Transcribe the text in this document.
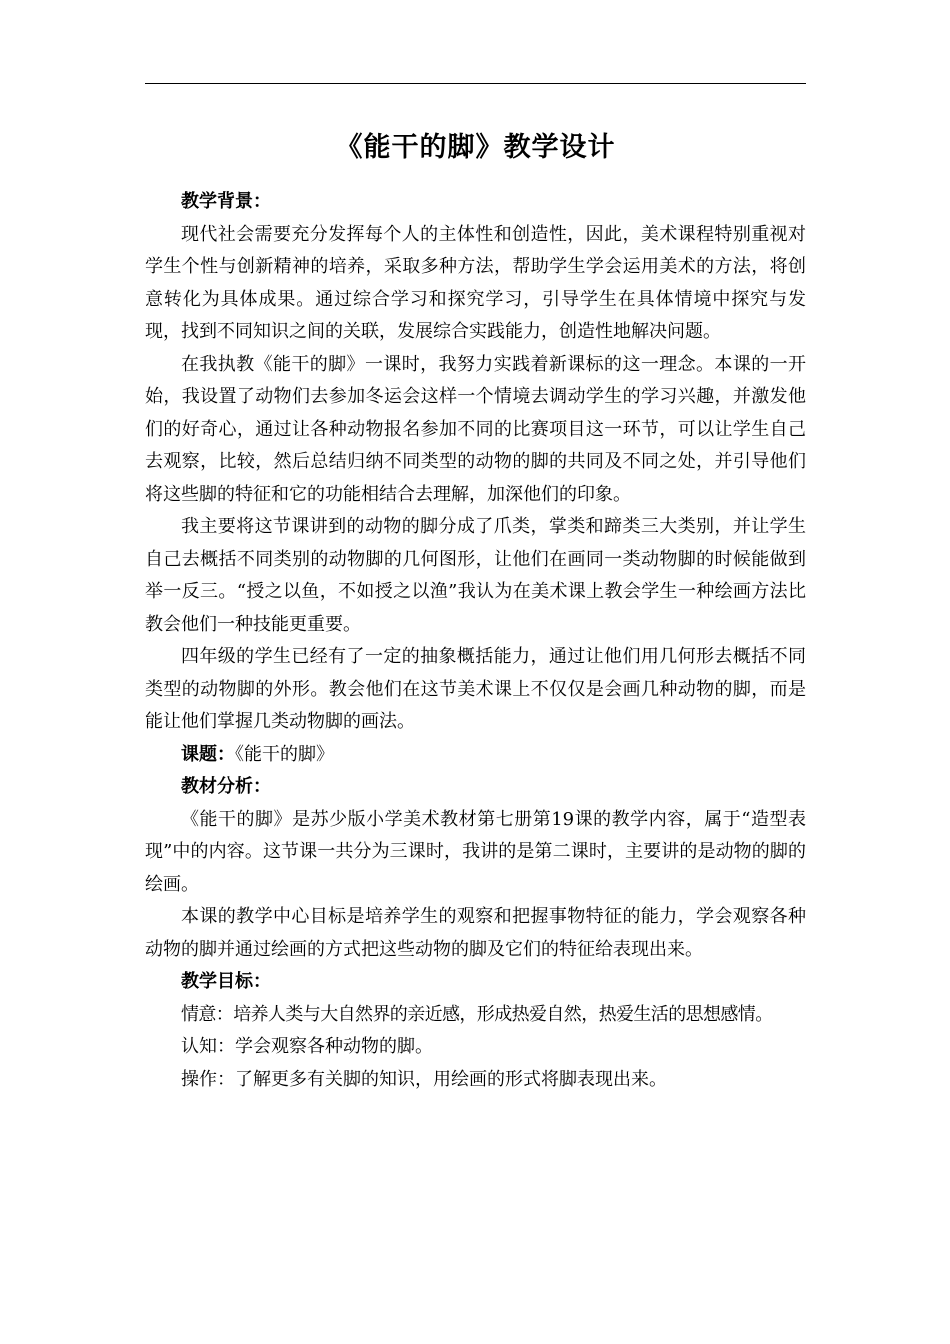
《能干的脚》教学设计

教学背景：

现代社会需要充分发挥每个人的主体性和创造性，因此，美术课程特别重视对学生个性与创新精神的培养，采取多种方法，帮助学生学会运用美术的方法，将创意转化为具体成果。通过综合学习和探究学习，引导学生在具体情境中探究与发现，找到不同知识之间的关联，发展综合实践能力，创造性地解决问题。

在我执教《能干的脚》一课时，我努力实践着新课标的这一理念。本课的一开始，我设置了动物们去参加冬运会这样一个情境去调动学生的学习兴趣，并激发他们的好奇心，通过让各种动物报名参加不同的比赛项目这一环节，可以让学生自己去观察，比较，然后总结归纳不同类型的动物的脚的共同及不同之处，并引导他们将这些脚的特征和它的功能相结合去理解，加深他们的印象。

我主要将这节课讲到的动物的脚分成了爪类，掌类和蹄类三大类别，并让学生自己去概括不同类别的动物脚的几何图形，让他们在画同一类动物脚的时候能做到举一反三。“授之以鱼，不如授之以渔”我认为在美术课上教会学生一种绘画方法比教会他们一种技能更重要。

四年级的学生已经有了一定的抽象概括能力，通过让他们用几何形去概括不同类型的动物脚的外形。教会他们在这节美术课上不仅仅是会画几种动物的脚，而是能让他们掌握几类动物脚的画法。

课题：《能干的脚》

教材分析：

《能干的脚》是苏少版小学美术教材第七册第19课的教学内容，属于“造型表现”中的内容。这节课一共分为三课时，我讲的是第二课时，主要讲的是动物的脚的绘画。

本课的教学中心目标是培养学生的观察和把握事物特征的能力，学会观察各种动物的脚并通过绘画的方式把这些动物的脚及它们的特征给表现出来。

教学目标：

情意：培养人类与大自然界的亲近感，形成热爱自然，热爱生活的思想感情。

认知：学会观察各种动物的脚。

操作：了解更多有关脚的知识，用绘画的形式将脚表现出来。
